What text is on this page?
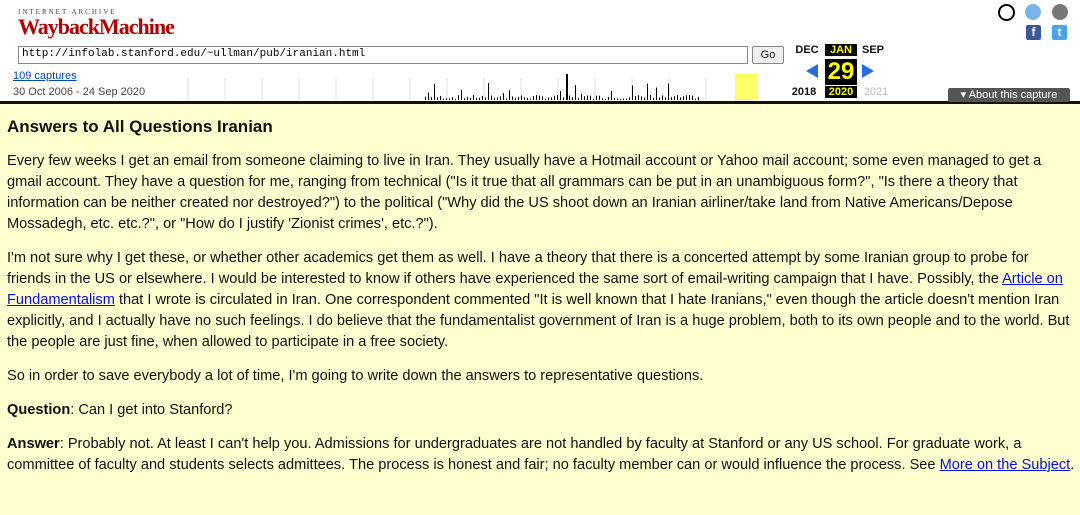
INTERNET ARCHIVE
WaybackMachine
http://infolab.stanford.edu/~ullman/pub/iranian.html	Go
109 captures
30 Oct 2006 - 24 Sep 2020
DEC	JAN SEP
29
2018	2020 2021
f	t
▾ About this capture
Answers to All Questions Iranian

Every few weeks I get an email from someone claiming to live in Iran. They usually have a Hotmail account or Yahoo mail account; some even managed to get a gmail account. They have a question for me, ranging from technical ("Is it true that all grammars can be put in an unambiguous form?", "Is there a theory that information can be neither created nor destroyed?") to the political ("Why did the US shoot down an Iranian airliner/take land from Native Americans/Depose Mossadegh, etc. etc.?", or "How do I justify 'Zionist crimes', etc.?").

I'm not sure why I get these, or whether other academics get them as well. I have a theory that there is a concerted attempt by some Iranian group to probe for friends in the US or elsewhere. I would be interested to know if others have experienced the same sort of email-writing campaign that I have. Possibly, the Article on Fundamentalism that I wrote is circulated in Iran. One correspondent commented "It is well known that I hate Iranians," even though the article doesn't mention Iran explicitly, and I actually have no such feelings. I do believe that the fundamentalist government of Iran is a huge problem, both to its own people and to the world. But the people are just fine, when allowed to participate in a free society.

So in order to save everybody a lot of time, I'm going to write down the answers to representative questions.

Question: Can I get into Stanford?

Answer: Probably not. At least I can't help you. Admissions for undergraduates are not handled by faculty at Stanford or any US school. For graduate work, a committee of faculty and students selects admittees. The process is honest and fair; no faculty member can or would influence the process. See More on the Subject.
